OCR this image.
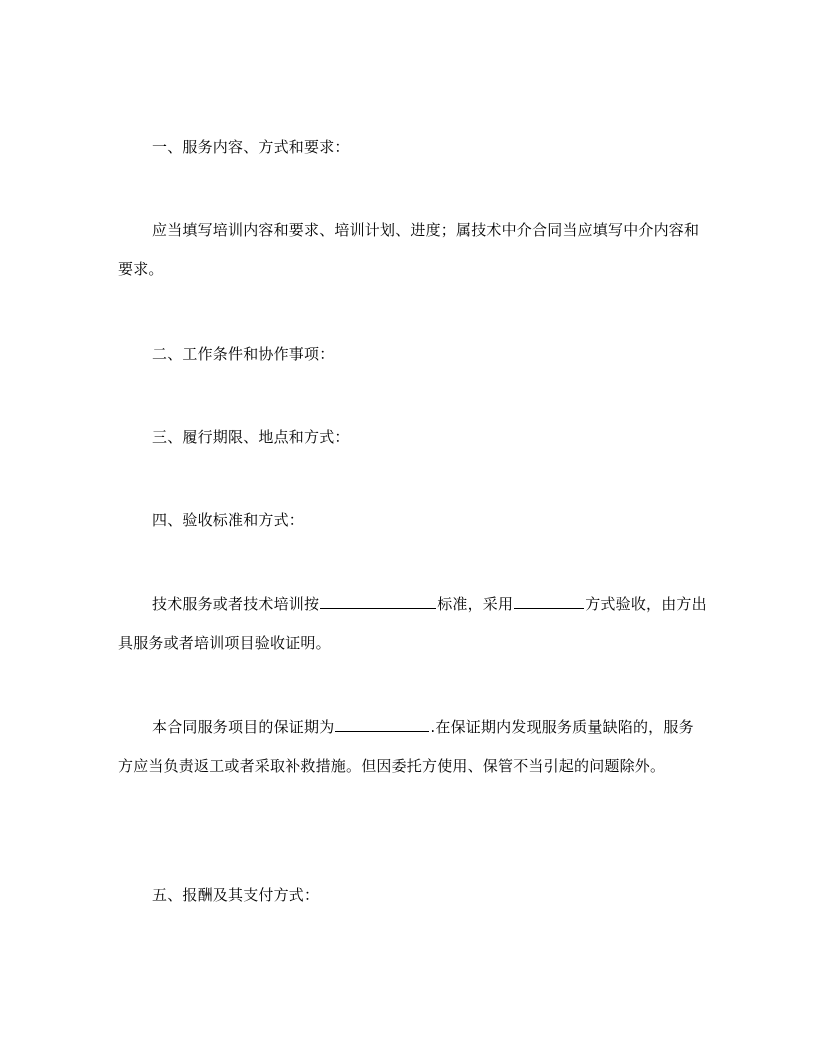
一、服务内容、方式和要求：

应当填写培训内容和要求、培训计划、进度；属技术中介合同当应填写中介内容和要求。

二、工作条件和协作事项：

三、履行期限、地点和方式：

四、验收标准和方式：

技术服务或者技术培训按	标准，采用	方式验收，由方出具服务或者培训项目验收证明。

本合同服务项目的保证期为	.在保证期内发现服务质量缺陷的，服务方应当负责返工或者采取补救措施。但因委托方使用、保管不当引起的问题除外。

五、报酬及其支付方式：
